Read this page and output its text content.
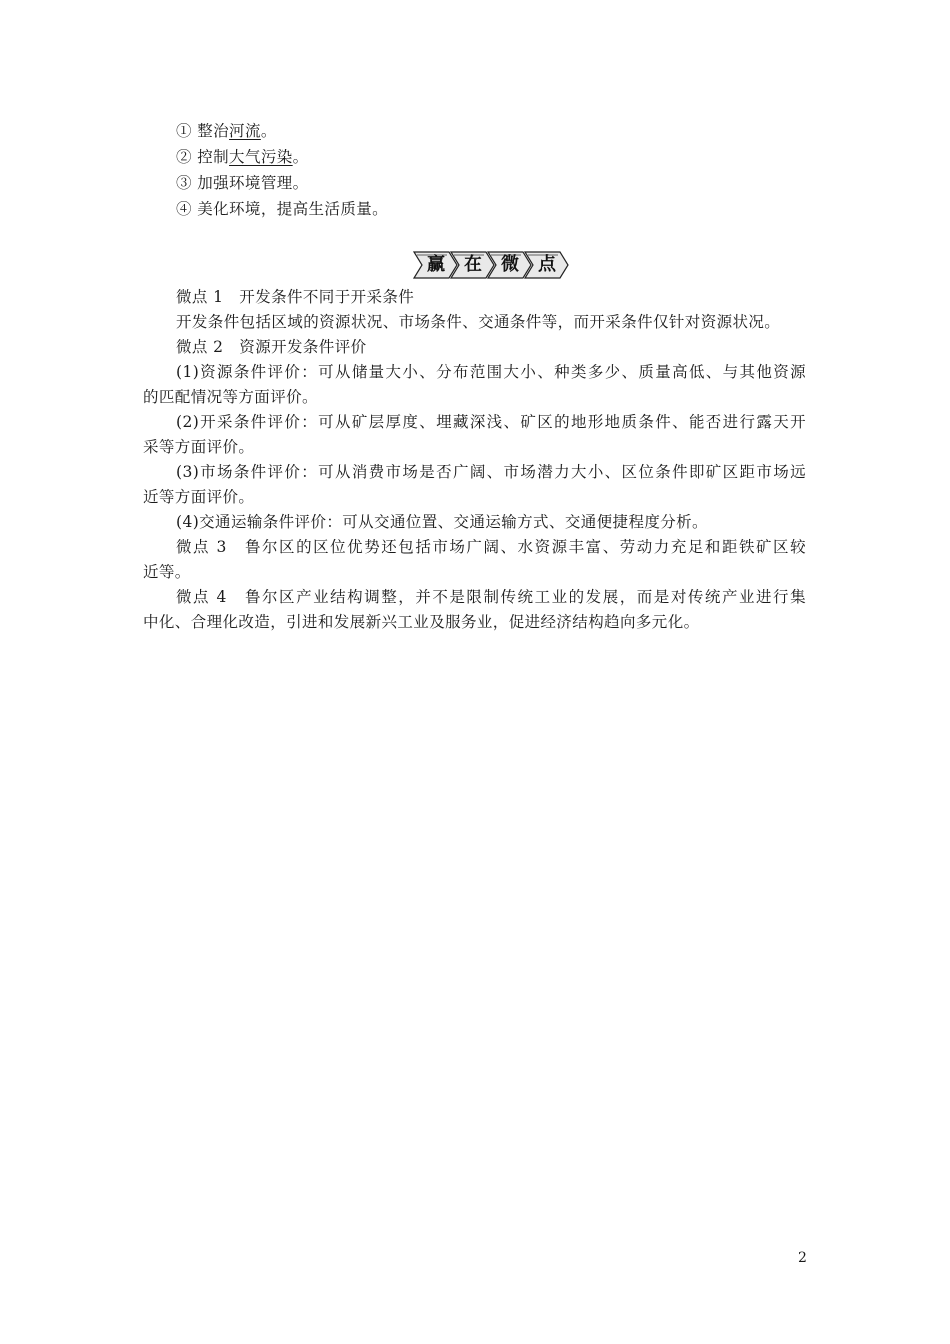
① 整治河流。
② 控制大气污染。
③ 加强环境管理。
④ 美化环境，提高生活质量。
赢	在	微	点
微点 1　开发条件不同于开采条件
开发条件包括区域的资源状况、市场条件、交通条件等，而开采条件仅针对资源状况。
微点 2　资源开发条件评价
(1)资源条件评价：可从储量大小、分布范围大小、种类多少、质量高低、与其他资源
的匹配情况等方面评价。
(2)开采条件评价：可从矿层厚度、埋藏深浅、矿区的地形地质条件、能否进行露天开
采等方面评价。
(3)市场条件评价：可从消费市场是否广阔、市场潜力大小、区位条件即矿区距市场远
近等方面评价。
(4)交通运输条件评价：可从交通位置、交通运输方式、交通便捷程度分析。
微点 3　鲁尔区的区位优势还包括市场广阔、水资源丰富、劳动力充足和距铁矿区较
近等。
微点 4　鲁尔区产业结构调整，并不是限制传统工业的发展，而是对传统产业进行集
中化、合理化改造，引进和发展新兴工业及服务业，促进经济结构趋向多元化。
2
